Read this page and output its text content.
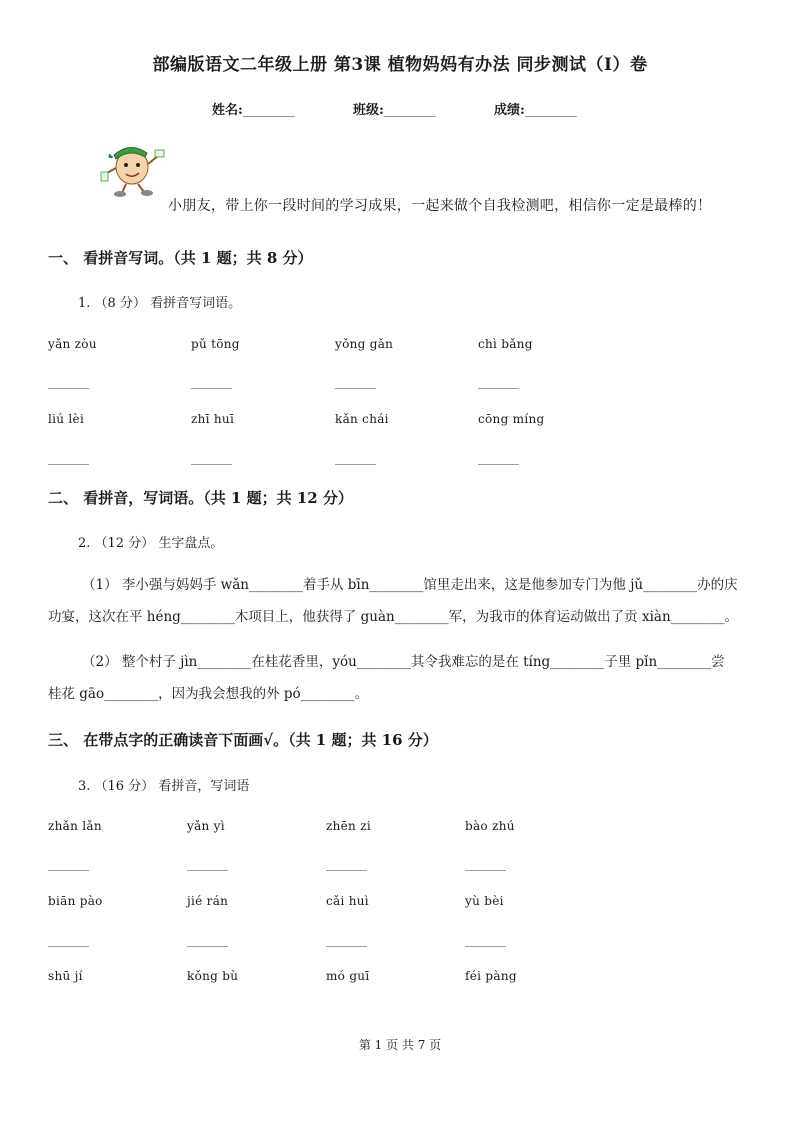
部编版语文二年级上册 第3课 植物妈妈有办法 同步测试（I）卷
姓名:________	班级:________	成绩:________
小朋友，带上你一段时间的学习成果，一起来做个自我检测吧，相信你一定是最棒的！
一、 看拼音写词。（共 1 题；共 8 分）
1. （8 分） 看拼音写词语。
yǎn zòu	pǔ tōng	yǒng gǎn	chì bǎng
________	________	________	________
liú lèi	zhī huī	kǎn chái	cōng míng
________	________	________	________
二、 看拼音，写词语。（共 1 题；共 12 分）
2. （12 分） 生字盘点。
（1） 李小强与妈妈手 wǎn________着手从 bīn________馆里走出来，这是他参加专门为他 jǔ________办的庆
功宴，这次在平 héng________木项目上，他获得了 guàn________军，为我市的体育运动做出了贡 xiàn________。
（2） 整个村子 jìn________在桂花香里，yóu________其令我难忘的是在 tíng________子里 pǐn________尝
桂花 gāo________，因为我会想我的外 pó________。
三、 在带点字的正确读音下面画√。（共 1 题；共 16 分）
3. （16 分） 看拼音，写词语
zhǎn lǎn	yǎn yì	zhēn zi	bào zhú
________	________	________	________
biān pào	jié rán	cǎi huì	yù bèi
________	________	________	________
shū jí	kǒng bù	mó guī	féi pàng
第 1 页 共 7 页
